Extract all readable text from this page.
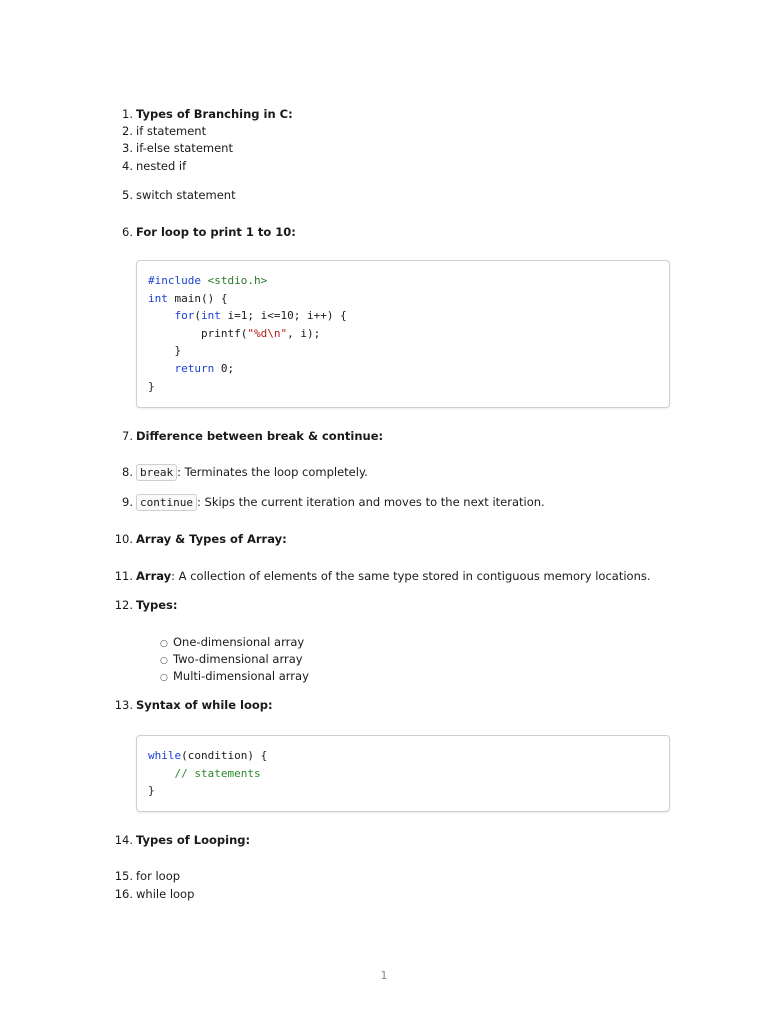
1. Types of Branching in C:
2. if statement
3. if-else statement
4. nested if
5. switch statement
6. For loop to print 1 to 10:
#include <stdio.h>
int main() {
for(int i=1; i<=10; i++) {
printf("%d\n", i);
}
return 0;
}
7. Difference between break & continue:
8. break : Terminates the loop completely.
9. continue : Skips the current iteration and moves to the next iteration.
10. Array & Types of Array:
11. Array: A collection of elements of the same type stored in contiguous memory locations.
12. Types:
○ One-dimensional array
○ Two-dimensional array
○ Multi-dimensional array
13. Syntax of while loop:
while(condition) {
// statements
}
14. Types of Looping:
15. for loop
16. while loop
1
